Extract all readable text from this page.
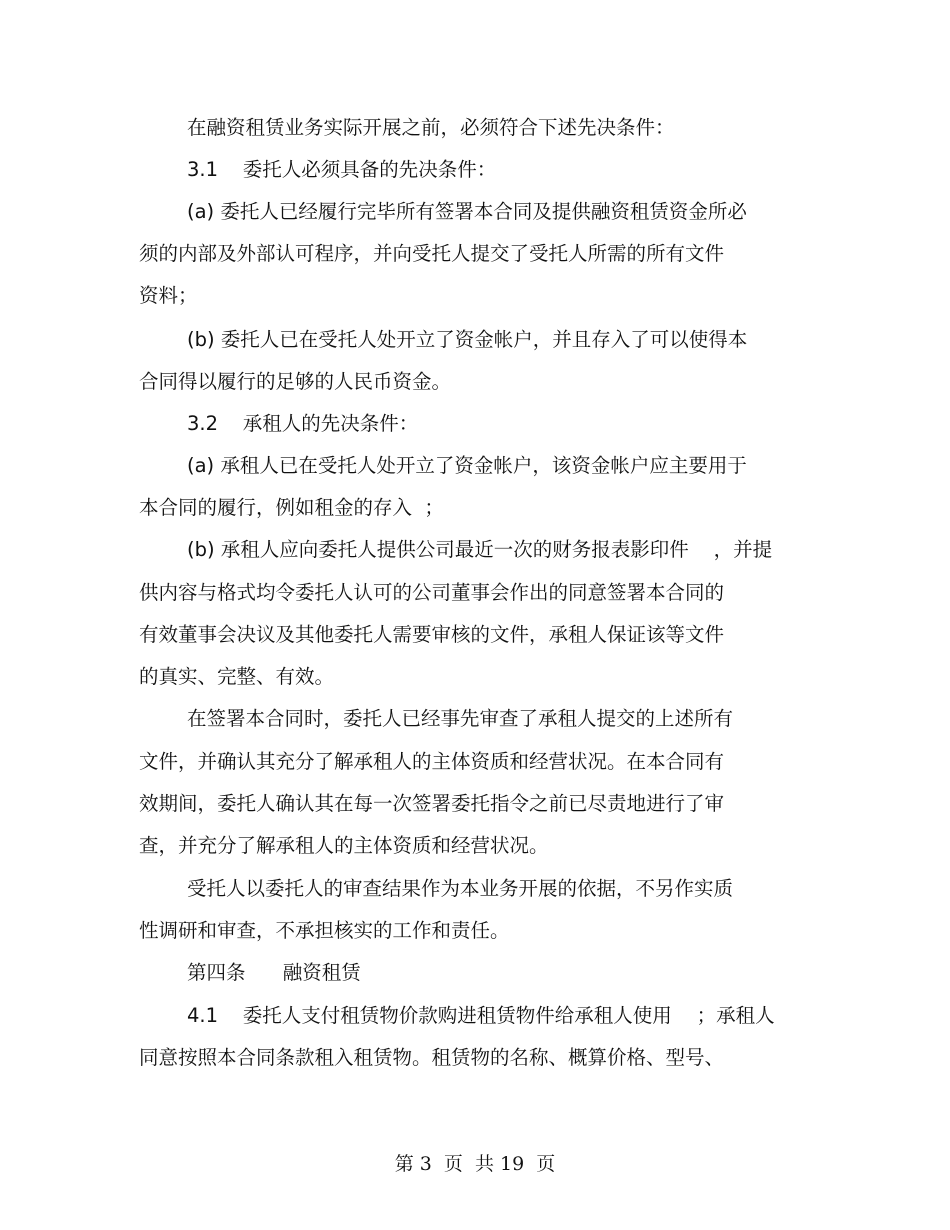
在融资租赁业务实际开展之前，必须符合下述先决条件：
3.1    委托人必须具备的先决条件：
(a) 委托人已经履行完毕所有签署本合同及提供融资租赁资金所必
须的内部及外部认可程序，并向受托人提交了受托人所需的所有文件
资料；
(b) 委托人已在受托人处开立了资金帐户，并且存入了可以使得本
合同得以履行的足够的人民币资金。
3.2    承租人的先决条件：
(a) 承租人已在受托人处开立了资金帐户，该资金帐户应主要用于
本合同的履行，例如租金的存入  ；
(b) 承租人应向委托人提供公司最近一次的财务报表影印件    ，并提
供内容与格式均令委托人认可的公司董事会作出的同意签署本合同的
有效董事会决议及其他委托人需要审核的文件，承租人保证该等文件
的真实、完整、有效。
在签署本合同时，委托人已经事先审查了承租人提交的上述所有
文件，并确认其充分了解承租人的主体资质和经营状况。在本合同有
效期间，委托人确认其在每一次签署委托指令之前已尽责地进行了审
查，并充分了解承租人的主体资质和经营状况。
受托人以委托人的审查结果作为本业务开展的依据，不另作实质
性调研和审查，不承担核实的工作和责任。
第四条      融资租赁
4.1    委托人支付租赁物价款购进租赁物件给承租人使用    ；承租人
同意按照本合同条款租入租赁物。租赁物的名称、概算价格、型号、
第 3  页  共 19  页
